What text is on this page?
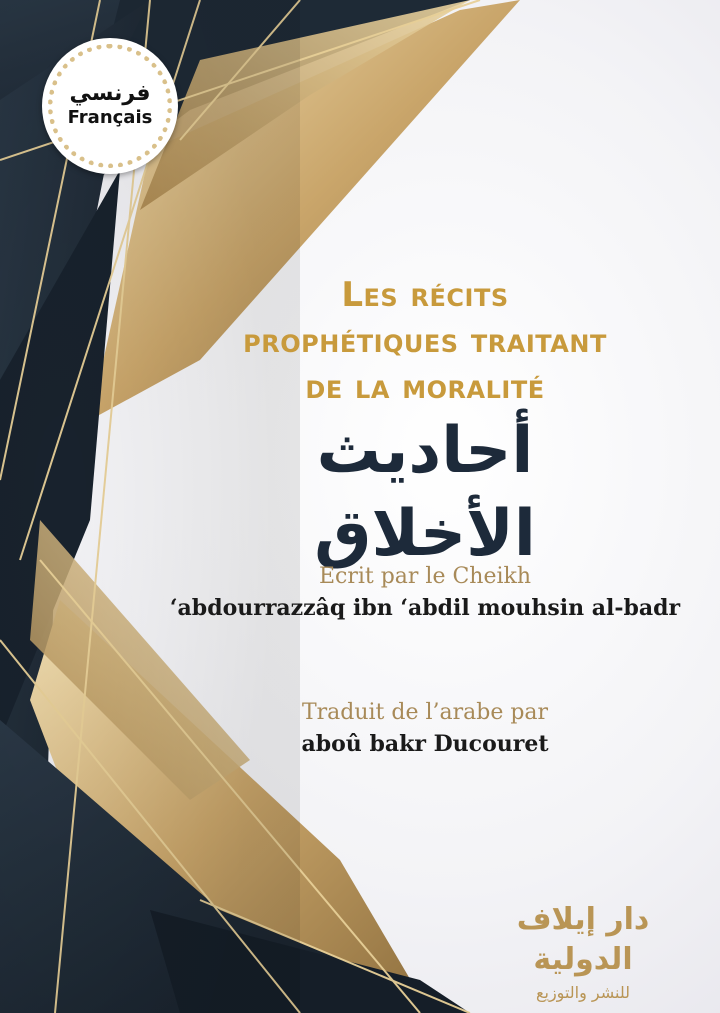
فرنسي
Français
Les récits
prophétiques traitant
de la moralité
أحاديث الأخلاق
Ecrit par le Cheikh
‘abdourrazzâq ibn ‘abdil mouhsin al-badr
Traduit de l’arabe par
aboû bakr Ducouret
دار إيلاف الدولية
للنشر والتوزيع
